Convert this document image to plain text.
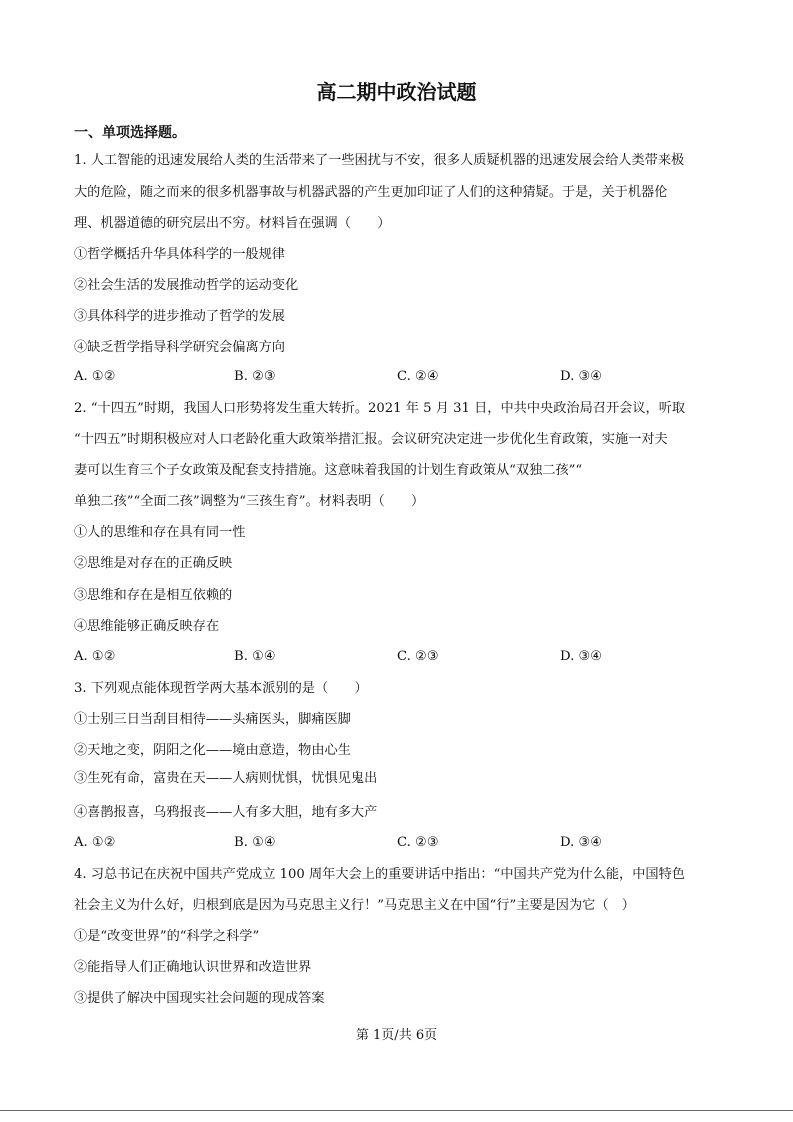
高二期中政治试题
一、单项选择题。
1. 人工智能的迅速发展给人类的生活带来了一些困扰与不安，很多人质疑机器的迅速发展会给人类带来极
大的危险，随之而来的很多机器事故与机器武器的产生更加印证了人们的这种猜疑。于是，关于机器伦
理、机器道德的研究层出不穷。材料旨在强调（　　）
①哲学概括升华具体科学的一般规律
②社会生活的发展推动哲学的运动变化
③具体科学的进步推动了哲学的发展
④缺乏哲学指导科学研究会偏离方向
A. ①②	B. ②③	C. ②④	D. ③④
2. “十四五”时期，我国人口形势将发生重大转折。2021 年 5 月 31 日，中共中央政治局召开会议，听取
“十四五”时期积极应对人口老龄化重大政策举措汇报。会议研究决定进一步优化生育政策，实施一对夫
妻可以生育三个子女政策及配套支持措施。这意味着我国的计划生育政策从“双独二孩”“
单独二孩”“全面二孩”调整为“三孩生育”。材料表明（　　）
①人的思维和存在具有同一性
②思维是对存在的正确反映
③思维和存在是相互依赖的
④思维能够正确反映存在
A. ①②	B. ①④	C. ②③	D. ③④
3. 下列观点能体现哲学两大基本派别的是（　　）
①士别三日当刮目相待——头痛医头，脚痛医脚
②天地之变，阴阳之化——境由意造，物由心生
③生死有命，富贵在天——人病则忧惧，忧惧见鬼出
④喜鹊报喜，乌鸦报丧——人有多大胆，地有多大产
A. ①②	B. ①④	C. ②③	D. ③④
4. 习总书记在庆祝中国共产党成立 100 周年大会上的重要讲话中指出：“中国共产党为什么能，中国特色
社会主义为什么好，归根到底是因为马克思主义行！”马克思主义在中国“行”主要是因为它（　）
①是“改变世界”的“科学之科学”
②能指导人们正确地认识世界和改造世界
③提供了解决中国现实社会问题的现成答案
第 1页/共 6页
